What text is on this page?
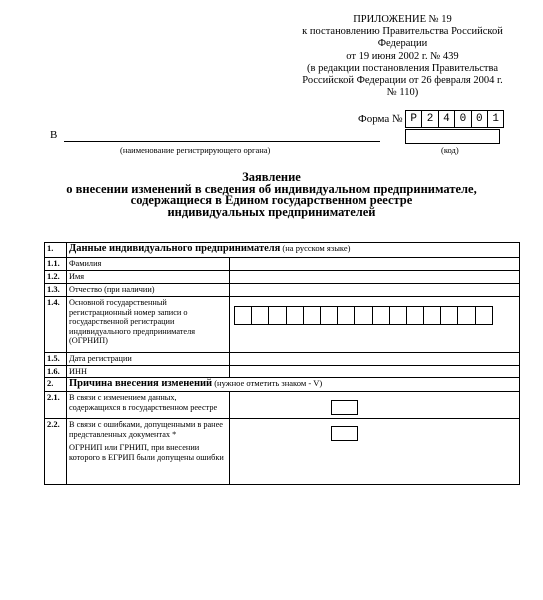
ПРИЛОЖЕНИЕ № 19
к постановлению Правительства Российской
Федерации
от 19 июня 2002 г. № 439
(в редакции постановления Правительства
Российской Федерации от 26 февраля 2004 г.
№ 110)
Форма № Р 2 4 0 0 1
В
(наименование регистрирующего органа)	(код)
Заявление
о внесении изменений в сведения об индивидуальном предпринимателе,
содержащиеся в Едином государственном реестре
индивидуальных предпринимателей
1.	Данные индивидуального предпринимателя (на русском языке)	
1.1.	Фамилия	
1.2.	Имя	
1.3.	Отчество (при наличии)	
1.4.	Основной государственный регистрационный номер записи о государственной регистрации индивидуального предпринимателя (ОГРНИП)	

1.5.	Дата регистрации	
1.6.	ИНН	
2.	Причина внесения изменений (нужное отметить знаком - V)	
2.1.	В связи с изменением данных, содержащихся в государственном реестре	
2.2.	В связи с ошибками, допущенными в ранее представленных документах *
ОГРНИП или ГРНИП, при внесении которого в ЕГРИП были допущены ошибки	
